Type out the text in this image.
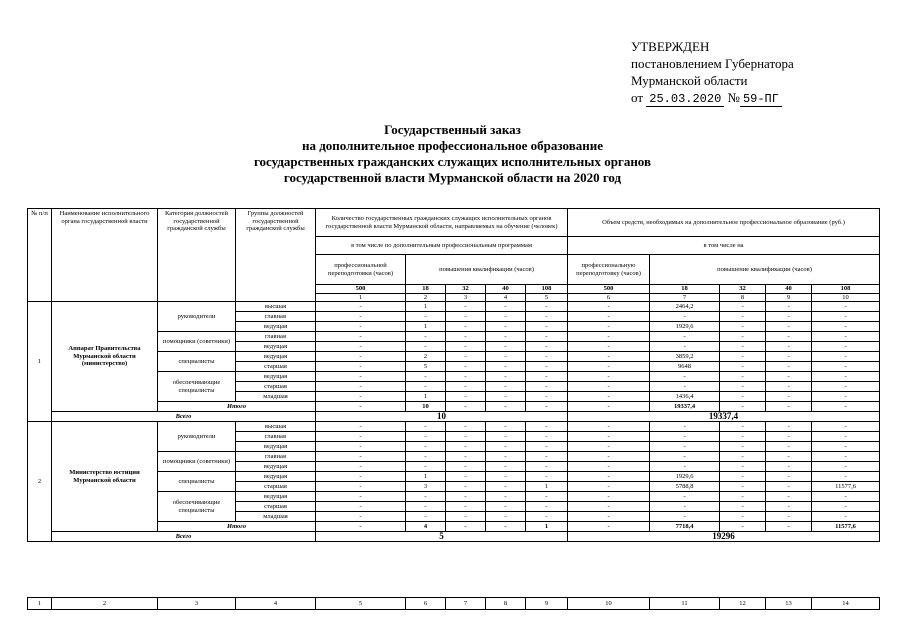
УТВЕРЖДЕН
постановлением Губернатора
Мурманской области
от 25.03.2020 № 59-ПГ
Государственный заказ
на дополнительное профессиональное образование
государственных гражданских служащих исполнительных органов
государственной власти Мурманской области на 2020 год
№ п/п	Наименование исполнительного органа государственной власти	Категория должностей государственной гражданской службы	Группы должностей государственной гражданской службы	Количество государственных гражданских служащих исполнительных органов государственной власти Мурманской области, направляемых на обучение (человек)					Объем средств, необходимых на дополнительное профессиональное образование (руб.)					
				в том числе по дополнительным профессиональным программам					в том числе на					
				профессиональной переподготовки (часов)	повышения квалификации (часов)				профессиональную переподготовку (часов)	повышение квалификации (часов)				
				500	18	32	40	108	500	18	32	40	108	
				1	2	3	4	5	6	7	8	9	10				
1	Аппарат Правительства Мурманской области (министерство)	руководители	высшая	-	1	-	-	-	-	2464,2	-	-	-	
			главная	-	-	-	-	-	-	-	-	-	-	
			ведущая	-	1	-	-	-	-	1929,6	-	-	-	
		помощники (советники)	главная	-	-	-	-	-	-	-	-	-	-	
			ведущая	-	-	-	-	-	-	-	-	-	-	
		специалисты	ведущая	-	2	-	-	-	-	3859,2	-	-	-	
			старшая	-	5	-	-	-	-	9648	-	-	-	
		обеспечивающие специалисты	ведущая	-	-	-	-	-	-	-	-	-	-	
			старшая	-	-	-	-	-	-	-	-	-	-	
			младшая	-	1	-	-	-	-	1436,4	-	-	-	
		Итого		-	10	-	-	-	-	19337,4	-	-	-	
	Всего			10					19337,4					
2	Министерство юстиции Мурманской области	руководители	высшая	-	-	-	-	-	-	-	-	-	-	
			главная	-	-	-	-	-	-	-	-	-	-	
			ведущая	-	-	-	-	-	-	-	-	-	-	
		помощники (советники)	главная	-	-	-	-	-	-	-	-	-	-	
			ведущая	-	-	-	-	-	-	-	-	-	-	
		специалисты	ведущая	-	1	-	-	-	-	1929,6	-	-	-	
			старшая	-	3	-	-	1	-	5788,8	-	-	11577,6	
		обеспечивающие специалисты	ведущая	-	-	-	-	-	-	-	-	-	-	
			старшая	-	-	-	-	-	-	-	-	-	-	
			младшая	-	-	-	-	-	-	-	-	-	-	
		Итого		-	4	-	-	1	-	7718,4	-	-	11577,6	
	Всего			5					19296					
1	2	3	4	5	6	7	8	9	10	11	12	13	14
